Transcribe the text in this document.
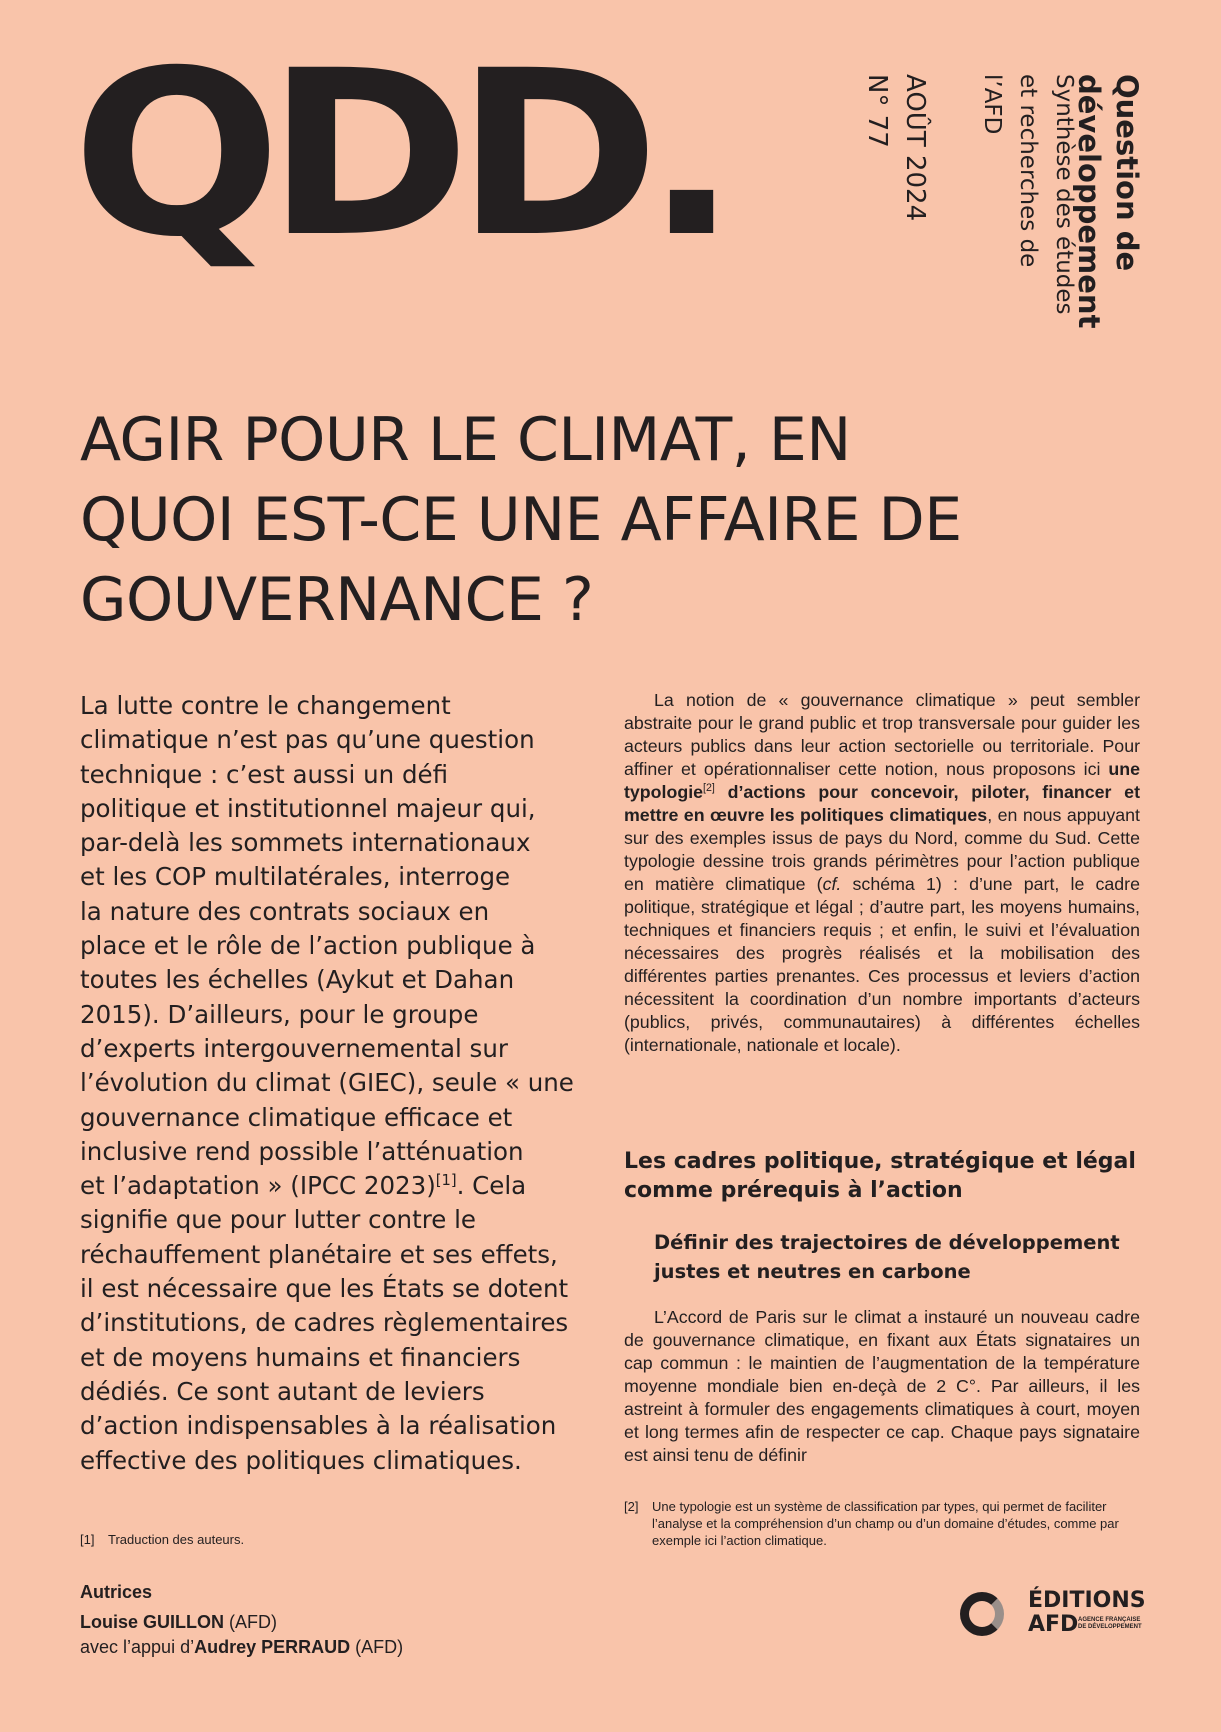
QDD.	Question de
développement
Synthèse des études
et recherches de
l’AFD
AOÛT 2024
N° 77
AGIR POUR LE CLIMAT, EN
QUOI EST-CE UNE AFFAIRE DE
GOUVERNANCE ?

La lutte contre le changement
climatique n’est pas qu’une question
technique : c’est aussi un défi
politique et institutionnel majeur qui,
par-delà les sommets internationaux
et les COP multilatérales, interroge
la nature des contrats sociaux en
place et le rôle de l’action publique à
toutes les échelles (Aykut et Dahan
2015). D’ailleurs, pour le groupe
d’experts intergouvernemental sur
l’évolution du climat (GIEC), seule « une
gouvernance climatique efficace et
inclusive rend possible l’atténuation
et l’adaptation » (IPCC 2023)[1]. Cela
signifie que pour lutter contre le
réchauffement planétaire et ses effets,
il est nécessaire que les États se dotent
d’institutions, de cadres règlementaires
et de moyens humains et financiers
dédiés. Ce sont autant de leviers
d’action indispensables à la réalisation
effective des politiques climatiques.

La notion de « gouvernance climatique » peut sembler abstraite pour le grand public et trop transversale pour guider les acteurs publics dans leur action sectorielle ou territoriale. Pour affiner et opérationnaliser cette notion, nous proposons ici une typologie[2] d’actions pour concevoir, piloter, financer et mettre en œuvre les politiques climatiques, en nous appuyant sur des exemples issus de pays du Nord, comme du Sud. Cette typologie dessine trois grands périmètres pour l’action publique en matière climatique (cf. schéma 1) : d’une part, le cadre politique, stratégique et légal ; d’autre part, les moyens humains, techniques et financiers requis ; et enfin, le suivi et l’évaluation nécessaires des progrès réalisés et la mobilisation des différentes parties prenantes. Ces processus et leviers d’action nécessitent la coordination d’un nombre importants d’acteurs (publics, privés, communautaires) à différentes échelles (internationale, nationale et locale).

Les cadres politique, stratégique et légal
comme prérequis à l’action
Définir des trajectoires de développement
justes et neutres en carbone

L’Accord de Paris sur le climat a instauré un nouveau cadre de gouvernance climatique, en fixant aux États signataires un cap commun : le maintien de l’augmentation de la température moyenne mondiale bien en-deçà de 2 C°. Par ailleurs, il les astreint à formuler des engagements climatiques à court, moyen et long termes afin de respecter ce cap. Chaque pays signataire est ainsi tenu de définir

[1]	Traduction des auteurs.
[2]	Une typologie est un système de classification par types, qui permet de faciliter l’analyse et la compréhension d’un champ ou d’un domaine d’études, comme par exemple ici l’action climatique.
Autrices
Louise GUILLON (AFD)
avec l’appui d’Audrey PERRAUD (AFD)
ÉDITIONS
AFD AGENCE FRANÇAISE DE DÉVELOPPEMENT
